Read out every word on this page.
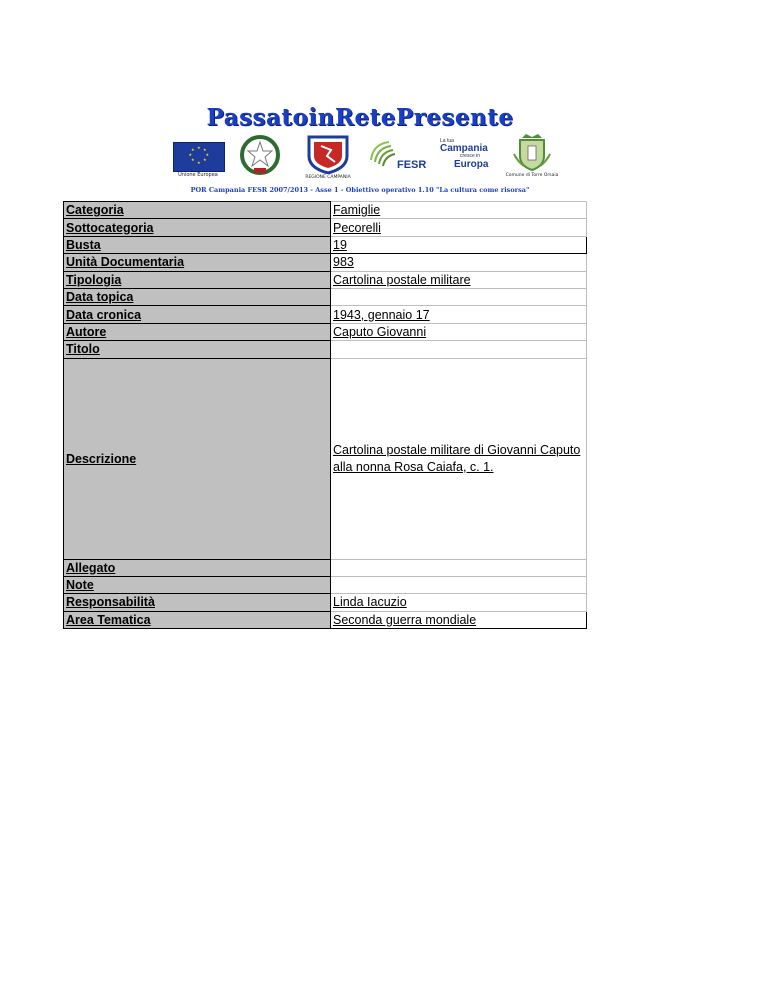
PassatoinRetePresente
★ ★
★
★
★
★
★
★
Unione Europea	REGIONE CAMPANIA
FESR
La tua
Campania
cresce in
Europa
Comune di Torre Orsaia
POR Campania FESR 2007/2013 - Asse 1 - Obiettivo operativo 1.10 "La cultura come risorsa"
Categoria	Famiglie
Sottocategoria	Pecorelli
Busta	19
Unità Documentaria	983
Tipologia	Cartolina postale militare
Data topica	
Data cronica	1943, gennaio 17
Autore	Caputo Giovanni
Titolo	
Descrizione	Cartolina postale militare di Giovanni Caputo alla nonna Rosa Caiafa, c. 1.
Allegato	
Note	
Responsabilità	Linda Iacuzio
Area Tematica	Seconda guerra mondiale
